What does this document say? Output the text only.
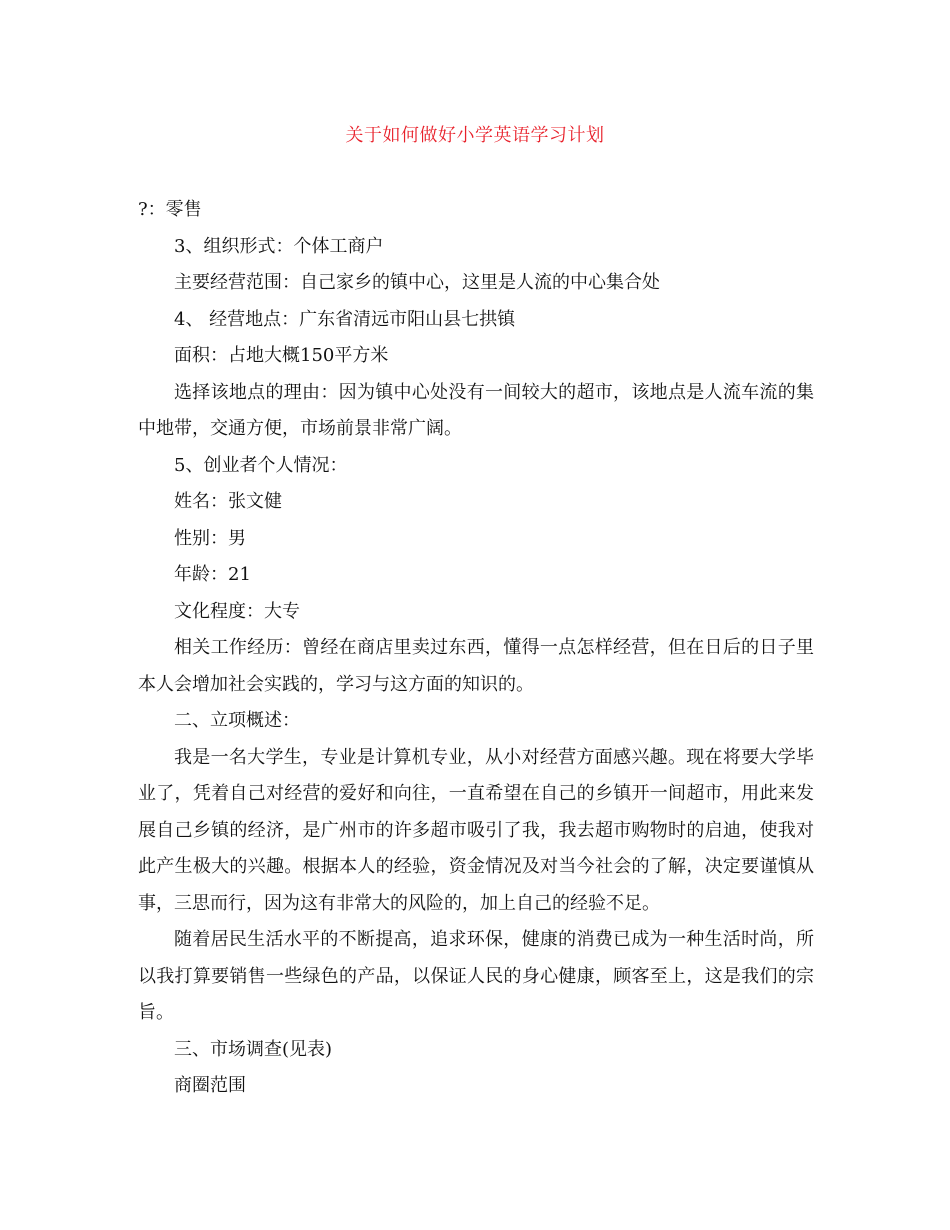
关于如何做好小学英语学习计划

?：零售

3、组织形式：个体工商户

主要经营范围：自己家乡的镇中心，这里是人流的中心集合处

4、 经营地点：广东省清远市阳山县七拱镇

面积：占地大概150平方米

选择该地点的理由：因为镇中心处没有一间较大的超市，该地点是人流车流的集中地带，交通方便，市场前景非常广阔。

5、创业者个人情况：

姓名：张文健

性别：男

年龄：21

文化程度：大专

相关工作经历：曾经在商店里卖过东西，懂得一点怎样经营，但在日后的日子里本人会增加社会实践的，学习与这方面的知识的。

二、立项概述：

我是一名大学生，专业是计算机专业，从小对经营方面感兴趣。现在将要大学毕业了，凭着自己对经营的爱好和向往，一直希望在自己的乡镇开一间超市，用此来发展自己乡镇的经济，是广州市的许多超市吸引了我，我去超市购物时的启迪，使我对此产生极大的兴趣。根据本人的经验，资金情况及对当今社会的了解，决定要谨慎从事，三思而行，因为这有非常大的风险的，加上自己的经验不足。

随着居民生活水平的不断提高，追求环保，健康的消费已成为一种生活时尚，所以我打算要销售一些绿色的产品，以保证人民的身心健康，顾客至上，这是我们的宗旨。

三、市场调查(见表)

商圈范围
